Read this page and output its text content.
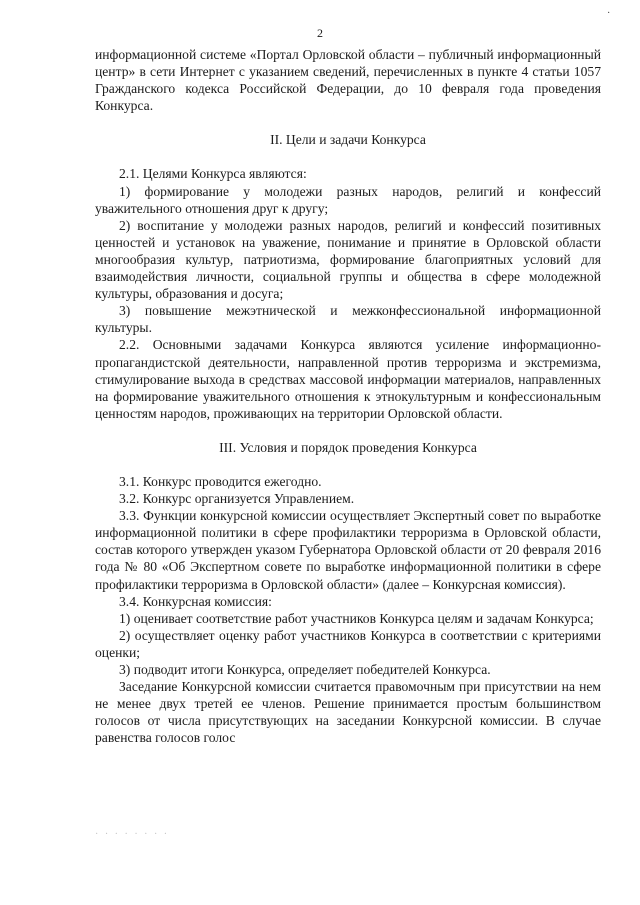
·
2

информационной системе «Портал Орловской области – публичный информационный центр» в сети Интернет с указанием сведений, перечисленных в пункте 4 статьи 1057 Гражданского кодекса Российской Федерации, до 10 февраля года проведения Конкурса.

II. Цели и задачи Конкурса

2.1. Целями Конкурса являются:

1) формирование у молодежи разных народов, религий и конфессий уважительного отношения друг к другу;

2) воспитание у молодежи разных народов, религий и конфессий позитивных ценностей и установок на уважение, понимание и принятие в Орловской области многообразия культур, патриотизма, формирование благоприятных условий для взаимодействия личности, социальной группы и общества в сфере молодежной культуры, образования и досуга;

3) повышение межэтнической и межконфессиональной информационной культуры.

2.2. Основными задачами Конкурса являются усиление информационно-пропагандистской деятельности, направленной против терроризма и экстремизма, стимулирование выхода в средствах массовой информации материалов, направленных на формирование уважительного отношения к этнокультурным и конфессиональным ценностям народов, проживающих на территории Орловской области.

III. Условия и порядок проведения Конкурса

3.1. Конкурс проводится ежегодно.

3.2. Конкурс организуется Управлением.

3.3. Функции конкурсной комиссии осуществляет Экспертный совет по выработке информационной политики в сфере профилактики терроризма в Орловской области, состав которого утвержден указом Губернатора Орловской области от 20 февраля 2016 года № 80 «Об Экспертном совете по выработке информационной политики в сфере профилактики терроризма в Орловской области» (далее – Конкурсная комиссия).

3.4. Конкурсная комиссия:

1) оценивает соответствие работ участников Конкурса целям и задачам Конкурса;

2) осуществляет оценку работ участников Конкурса в соответствии с критериями оценки;

3) подводит итоги Конкурса, определяет победителей Конкурса.

Заседание Конкурсной комиссии считается правомочным при присутствии на нем не менее двух третей ее членов. Решение принимается простым большинством голосов от числа присутствующих на заседании Конкурсной комиссии. В случае равенства голосов голос

· · · · · · · ·
